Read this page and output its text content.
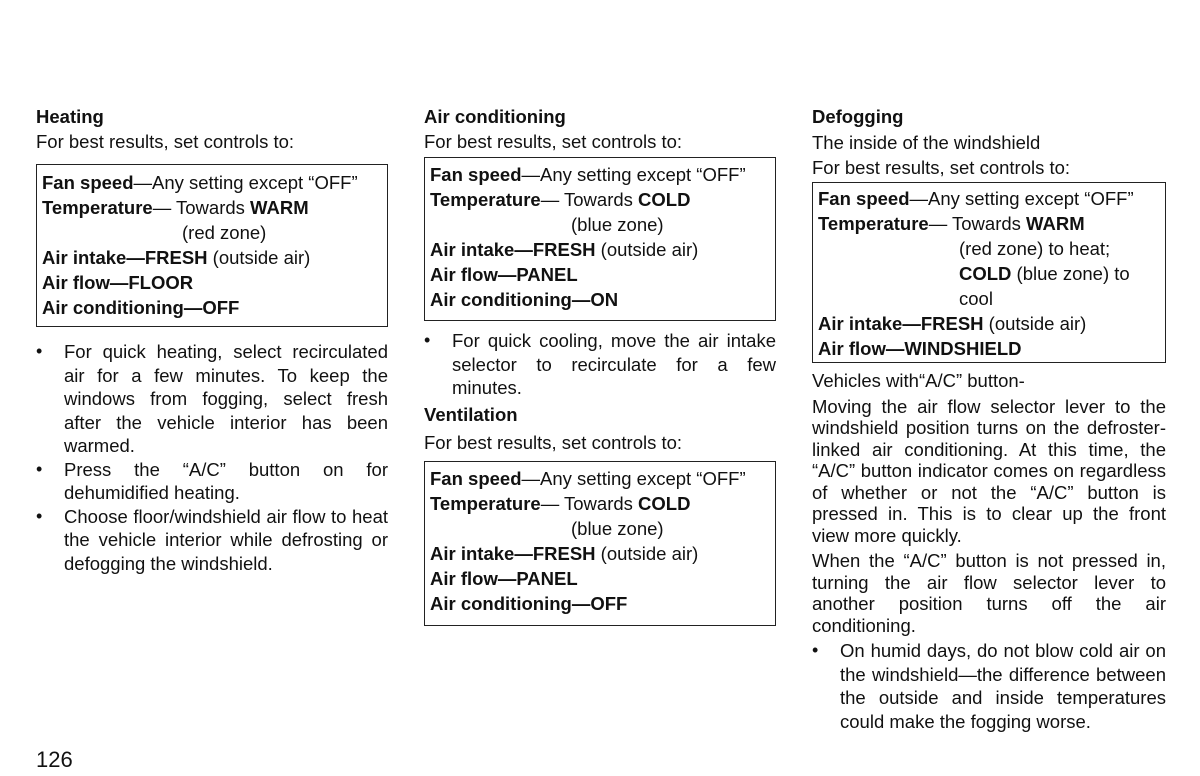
Heating

For best results, set controls to:

Fan speed—Any setting except “OFF”
Temperature— Towards WARM
(red zone)
Air intake—FRESH (outside air)
Air flow—FLOOR
Air conditioning—OFF
• For quick heating, select recirculated air for a few minutes. To keep the windows from fogging, select fresh after the vehicle interior has been warmed.
• Press the “A/C” button on for dehumidified heating.
• Choose floor/windshield air flow to heat the vehicle interior while defrosting or defogging the windshield.

Air conditioning

For best results, set controls to:

Fan speed—Any setting except “OFF”
Temperature— Towards COLD
(blue zone)
Air intake—FRESH (outside air)
Air flow—PANEL
Air conditioning—ON
• For quick cooling, move the air intake selector to recirculate for a few minutes.

Ventilation

For best results, set controls to:

Fan speed—Any setting except “OFF”
Temperature— Towards COLD
(blue zone)
Air intake—FRESH (outside air)
Air flow—PANEL
Air conditioning—OFF

Defogging

The inside of the windshield

For best results, set controls to:

Fan speed—Any setting except “OFF”
Temperature— Towards WARM
(red zone) to heat;
COLD (blue zone) to
cool
Air intake—FRESH (outside air)
Air flow—WINDSHIELD

Vehicles with“A/C” button-

Moving the air flow selector lever to the windshield position turns on the defroster-linked air conditioning. At this time, the “A/C” button indicator comes on regardless of whether or not the “A/C” button is pressed in. This is to clear up the front view more quickly.

When the “A/C” button is not pressed in, turning the air flow selector lever to another position turns off the air conditioning.

• On humid days, do not blow cold air on the windshield—the difference between the outside and inside temperatures could make the fogging worse.
126
